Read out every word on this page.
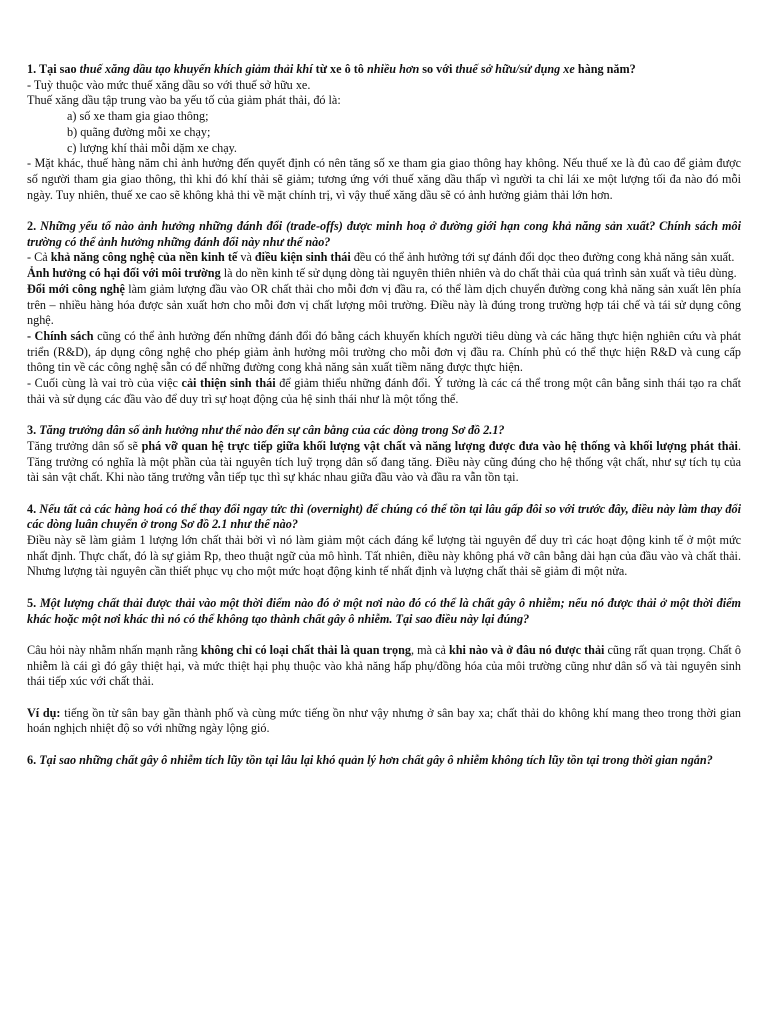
1. Tại sao thuế xăng dầu tạo khuyến khích giảm thải khí từ xe ô tô nhiều hơn so với thuế sở hữu/sử dụng xe hàng năm?

- Tuỳ thuộc vào mức thuế xăng dầu so với thuế sở hữu xe.

Thuế xăng dầu tập trung vào ba yếu tố của giảm phát thải, đó là:

a) số xe tham gia giao thông;

b) quãng đường mỗi xe chạy;

c) lượng khí thải mỗi dặm xe chạy.

- Mặt khác, thuế hàng năm chỉ ảnh hưởng đến quyết định có nên tăng số xe tham gia giao thông hay không. Nếu thuế xe là đủ cao để giảm được số người tham gia giao thông, thì khi đó khí thải sẽ giảm; tương ứng với thuế xăng dầu thấp vì người ta chỉ lái xe một lượng tối đa nào đó mỗi ngày. Tuy nhiên, thuế xe cao sẽ không khả thi về mặt chính trị, vì vậy thuế xăng dầu sẽ có ảnh hưởng giảm thải lớn hơn.

2. Những yếu tố nào ảnh hưởng những đánh đổi (trade-offs) được minh hoạ ở đường giới hạn cong khả năng sản xuất? Chính sách môi trường có thể ảnh hưởng những đánh đổi này như thế nào?

- Cả khả năng công nghệ của nền kinh tế và điều kiện sinh thái đều có thể ảnh hưởng tới sự đánh đổi dọc theo đường cong khả năng sản xuất.

Ảnh hưởng có hại đối với môi trường là do nền kinh tế sử dụng dòng tài nguyên thiên nhiên và do chất thải của quá trình sản xuất và tiêu dùng.

Đổi mới công nghệ làm giảm lượng đầu vào OR chất thải cho mỗi đơn vị đầu ra, có thể làm dịch chuyển đường cong khả năng sản xuất lên phía trên – nhiều hàng hóa được sản xuất hơn cho mỗi đơn vị chất lượng môi trường. Điều này là đúng trong trường hợp tái chế và tái sử dụng công nghệ.

- Chính sách cũng có thể ảnh hưởng đến những đánh đổi đó bằng cách khuyến khích người tiêu dùng và các hãng thực hiện nghiên cứu và phát triển (R&D), áp dụng công nghệ cho phép giảm ảnh hưởng môi trường cho mỗi đơn vị đầu ra. Chính phủ có thể thực hiện R&D và cung cấp thông tin về các công nghệ sẵn có để những đường cong khả năng sản xuất tiềm năng được thực hiện.

- Cuối cùng là vai trò của việc cải thiện sinh thái để giảm thiểu những đánh đổi. Ý tưởng là các cá thể trong một cân bằng sinh thái tạo ra chất thải và sử dụng các đầu vào để duy trì sự hoạt động của hệ sinh thái như là một tổng thể.

3. Tăng trưởng dân số ảnh hưởng như thế nào đến sự cân bằng của các dòng trong Sơ đồ 2.1?

Tăng trưởng dân số sẽ phá vỡ quan hệ trực tiếp giữa khối lượng vật chất và năng lượng được đưa vào hệ thống và khối lượng phát thải. Tăng trưởng có nghĩa là một phần của tài nguyên tích luỹ trọng dân số đang tăng. Điều này cũng đúng cho hệ thống vật chất, như sự tích tụ của tài sản vật chất. Khi nào tăng trưởng vẫn tiếp tục thì sự khác nhau giữa đầu vào và đầu ra vẫn tồn tại.

4. Nếu tất cả các hàng hoá có thể thay đổi ngay tức thì (overnight) để chúng có thể tồn tại lâu gấp đôi so với trước đây, điều này làm thay đổi các dòng luân chuyển ở trong Sơ đồ 2.1 như thế nào?

Điều này sẽ làm giảm 1 lượng lớn chất thải bởi vì nó làm giảm một cách đáng kể lượng tài nguyên để duy trì các hoạt động kinh tế ở một mức nhất định. Thực chất, đó là sự giảm Rp, theo thuật ngữ của mô hình. Tất nhiên, điều này không phá vỡ cân bằng dài hạn của đầu vào và chất thải. Nhưng lượng tài nguyên cần thiết phục vụ cho một mức hoạt động kinh tế nhất định và lượng chất thải sẽ giảm đi một nửa.

5. Một lượng chất thải được thải vào một thời điểm nào đó ở một nơi nào đó có thể là chất gây ô nhiễm; nếu nó được thải ở một thời điểm khác hoặc một nơi khác thì nó có thể không tạo thành chất gây ô nhiễm. Tại sao điều này lại đúng?

Câu hỏi này nhằm nhấn mạnh rằng không chỉ có loại chất thải là quan trọng, mà cả khi nào và ở đâu nó được thải cũng rất quan trọng. Chất ô nhiễm là cái gì đó gây thiệt hại, và mức thiệt hại phụ thuộc vào khả năng hấp phụ/đồng hóa của môi trường cũng như dân số và tài nguyên sinh thái tiếp xúc với chất thải.

Ví dụ: tiếng ồn từ sân bay gần thành phố và cùng mức tiếng ồn như vậy nhưng ở sân bay xa; chất thải do không khí mang theo trong thời gian hoán nghịch nhiệt độ so với những ngày lộng gió.

6. Tại sao những chất gây ô nhiễm tích lũy tồn tại lâu lại khó quản lý hơn chất gây ô nhiễm không tích lũy tồn tại trong thời gian ngắn?
